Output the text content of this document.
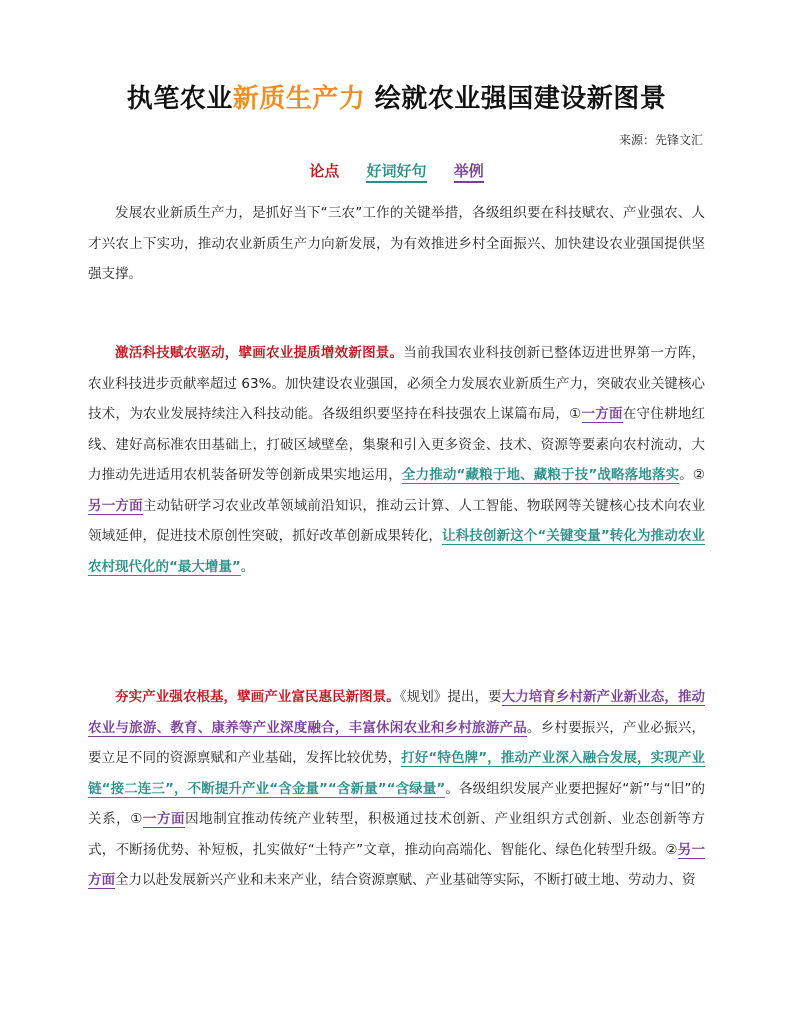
执笔农业新质生产力 绘就农业强国建设新图景
来源：先锋文汇
论点 好词好句 举例
发展农业新质生产力，是抓好当下“三农”工作的关键举措，各级组织要在科技赋农、产业强农、人才兴农上下实功，推动农业新质生产力向新发展，为有效推进乡村全面振兴、加快建设农业强国提供坚强支撑。
激活科技赋农驱动，擘画农业提质增效新图景。当前我国农业科技创新已整体迈进世界第一方阵，农业科技进步贡献率超过 63%。加快建设农业强国，必须全力发展农业新质生产力，突破农业关键核心技术，为农业发展持续注入科技动能。各级组织要坚持在科技强农上谋篇布局，①一方面在守住耕地红线、建好高标准农田基础上，打破区域壁垒，集聚和引入更多资金、技术、资源等要素向农村流动，大力推动先进适用农机装备研发等创新成果实地运用，全力推动“藏粮于地、藏粮于技”战略落地落实。②另一方面主动钻研学习农业改革领域前沿知识，推动云计算、人工智能、物联网等关键核心技术向农业领域延伸，促进技术原创性突破，抓好改革创新成果转化，让科技创新这个“关键变量”转化为推动农业农村现代化的“最大增量”。
夯实产业强农根基，擘画产业富民惠民新图景。《规划》提出，要大力培育乡村新产业新业态，推动农业与旅游、教育、康养等产业深度融合，丰富休闲农业和乡村旅游产品。乡村要振兴，产业必振兴，要立足不同的资源禀赋和产业基础，发挥比较优势，打好“特色牌”，推动产业深入融合发展，实现产业链“接二连三”，不断提升产业“含金量”“含新量”“含绿量”。各级组织发展产业要把握好“新”与“旧”的关系，①一方面因地制宜推动传统产业转型，积极通过技术创新、产业组织方式创新、业态创新等方式，不断扬优势、补短板，扎实做好“土特产”文章，推动向高端化、智能化、绿色化转型升级。②另一方面全力以赴发展新兴产业和未来产业，结合资源禀赋、产业基础等实际，不断打破土地、劳动力、资
